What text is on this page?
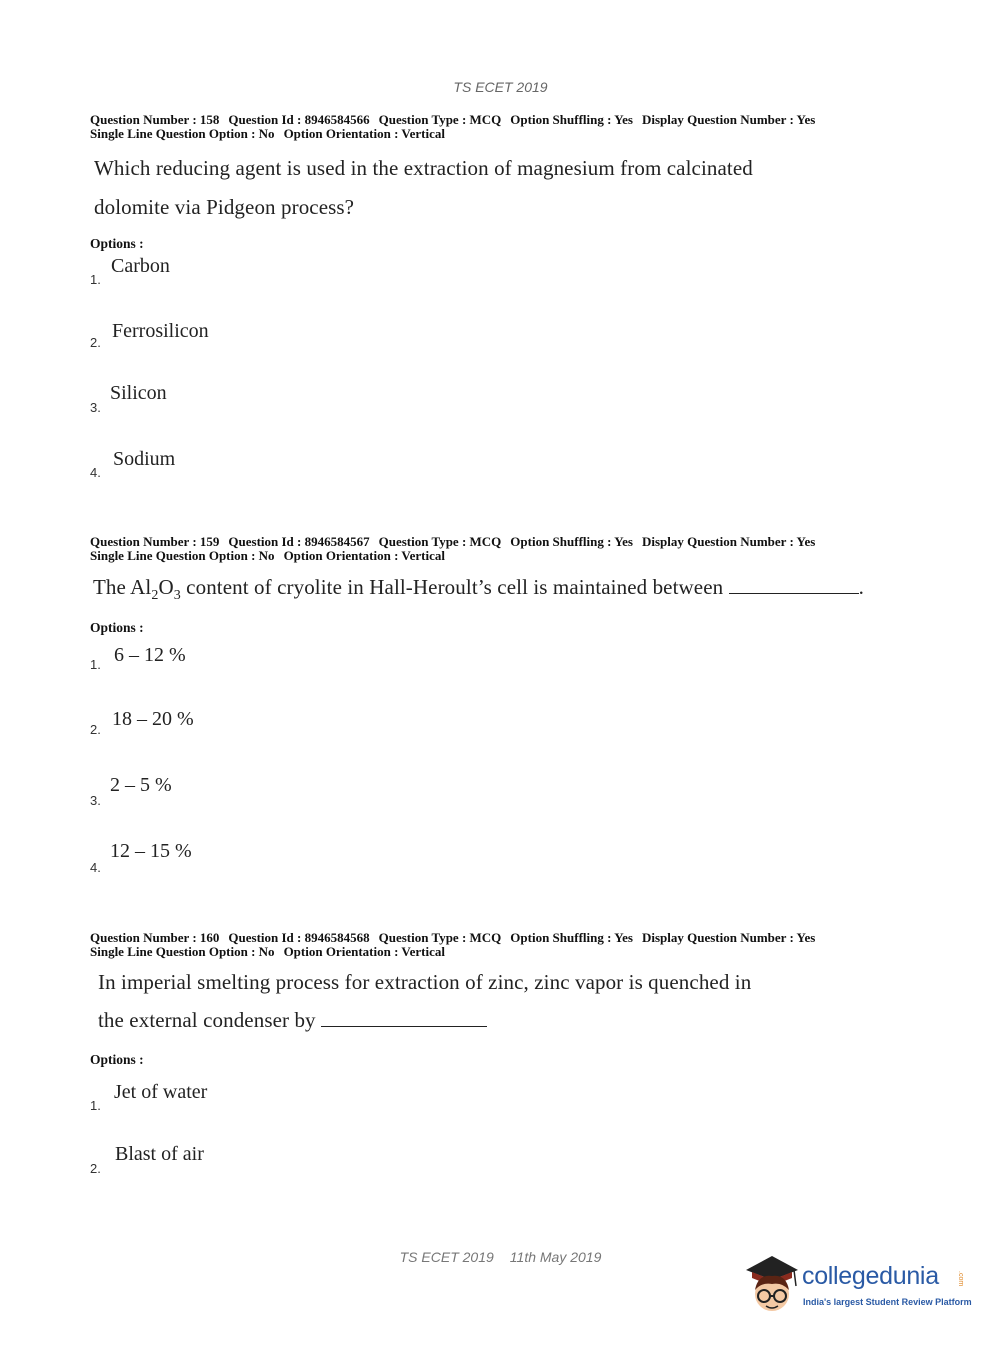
TS ECET 2019
Question Number : 158 Question Id : 8946584566 Question Type : MCQ Option Shuffling : Yes Display Question Number : Yes
Single Line Question Option : No Option Orientation : Vertical
Which reducing agent is used in the extraction of magnesium from calcinated
dolomite via Pidgeon process?
Options :
1.
Carbon
2.
Ferrosilicon
3.
Silicon
4.
Sodium
Question Number : 159 Question Id : 8946584567 Question Type : MCQ Option Shuffling : Yes Display Question Number : Yes
Single Line Question Option : No Option Orientation : Vertical
The $Al_2O_3$ content of cryolite in Hall-Heroult’s cell is maintained between	.
Options :
1. 6 – 12 %
2. 18 – 20 %
3.
2 – 5 %
4.
12 – 15 %
Question Number : 160 Question Id : 8946584568 Question Type : MCQ Option Shuffling : Yes Display Question Number : Yes
Single Line Question Option : No Option Orientation : Vertical
In imperial smelting process for extraction of zinc, zinc vapor is quenched in
the external condenser by
Options :
1.
Jet of water
2.
Blast of air
TS ECET 2019 11th May 2019
collegedunia	.com
India's largest Student Review Platform
